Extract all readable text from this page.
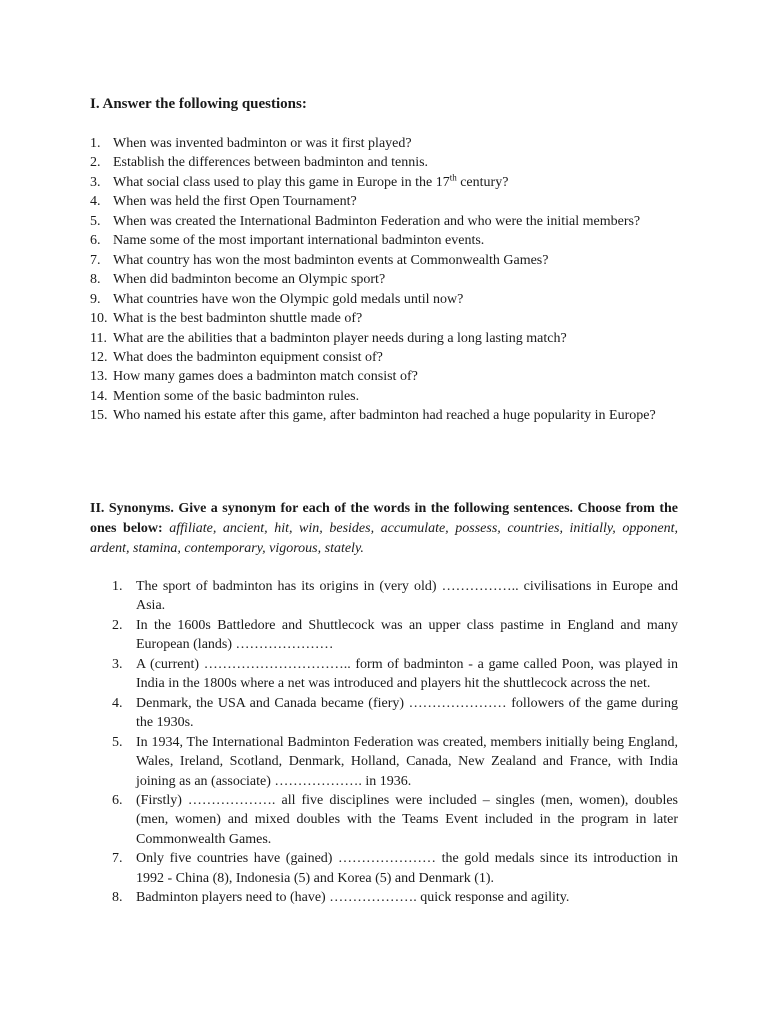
I. Answer the following questions:
1. When was invented badminton or was it first played?
2. Establish the differences between badminton and tennis.
3. What social class used to play this game in Europe in the 17th century?
4. When was held the first Open Tournament?
5. When was created the International Badminton Federation and who were the initial members?
6. Name some of the most important international badminton events.
7. What country has won the most badminton events at Commonwealth Games?
8. When did badminton become an Olympic sport?
9. What countries have won the Olympic gold medals until now?
10. What is the best badminton shuttle made of?
11. What are the abilities that a badminton player needs during a long lasting match?
12. What does the badminton equipment consist of?
13. How many games does a badminton match consist of?
14. Mention some of the basic badminton rules.
15. Who named his estate after this game, after badminton had reached a huge popularity in Europe?
II. Synonyms. Give a synonym for each of the words in the following sentences. Choose from the ones below: affiliate, ancient, hit, win, besides, accumulate, possess, countries, initially, opponent, ardent, stamina, contemporary, vigorous, stately.
1. The sport of badminton has its origins in (very old) …………….. civilisations in Europe and Asia.
2. In the 1600s Battledore and Shuttlecock was an upper class pastime in England and many European (lands) …………………
3. A (current) ………………………….. form of badminton - a game called Poon, was played in India in the 1800s where a net was introduced and players hit the shuttlecock across the net.
4. Denmark, the USA and Canada became (fiery) ………………… followers of the game during the 1930s.
5. In 1934, The International Badminton Federation was created, members initially being England, Wales, Ireland, Scotland, Denmark, Holland, Canada, New Zealand and France, with India joining as an (associate) ………………. in 1936.
6. (Firstly) ………………. all five disciplines were included – singles (men, women), doubles (men, women) and mixed doubles with the Teams Event included in the program in later Commonwealth Games.
7. Only five countries have (gained) ………………… the gold medals since its introduction in 1992 - China (8), Indonesia (5) and Korea (5) and Denmark (1).
8. Badminton players need to (have) ………………. quick response and agility.
